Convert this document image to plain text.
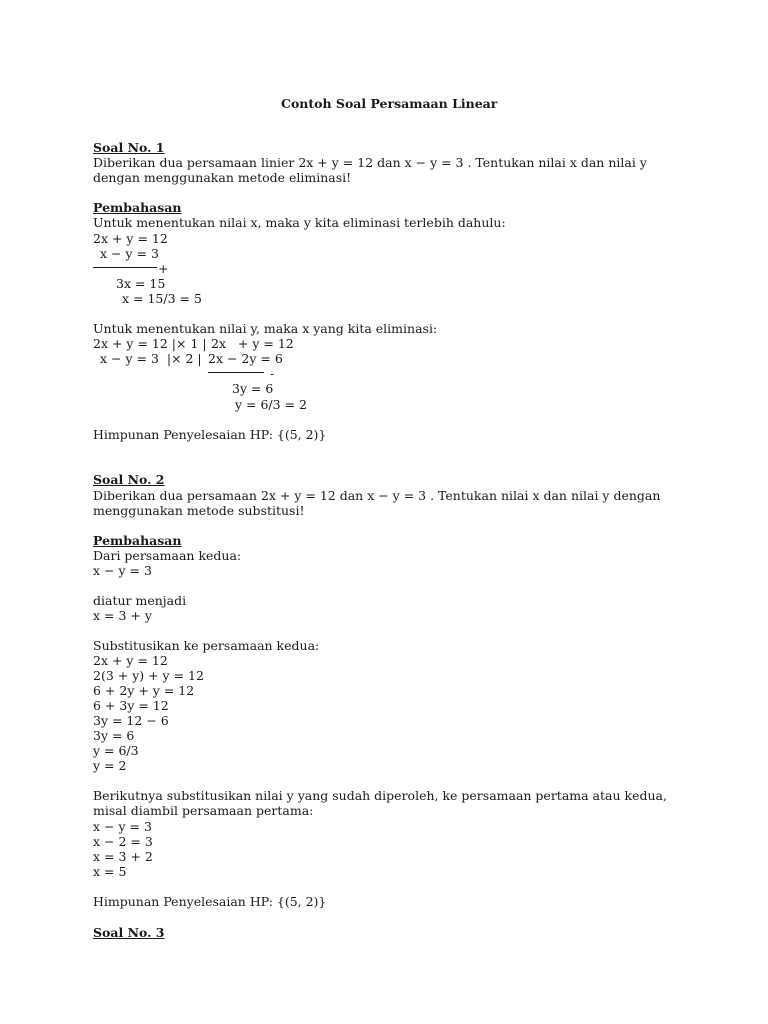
Contoh Soal Persamaan Linear
Soal No. 1
Diberikan dua persamaan linier 2x + y = 12 dan x − y = 3 . Tentukan nilai x dan nilai y
dengan menggunakan metode eliminasi!
Pembahasan
Untuk menentukan nilai x, maka y kita eliminasi terlebih dahulu:
2x + y = 12
x − y = 3
+
3x = 15
x = 15/3 = 5
Untuk menentukan nilai y, maka x yang kita eliminasi:
2x + y = 12 |× 1 | 2x   + y = 12
x − y = 3  |× 2 | 2x − 2y = 6
-
3y = 6
y = 6/3 = 2
Himpunan Penyelesaian HP: {(5, 2)}
Soal No. 2
Diberikan dua persamaan 2x + y = 12 dan x − y = 3 . Tentukan nilai x dan nilai y dengan
menggunakan metode substitusi!
Pembahasan
Dari persamaan kedua:
x − y = 3
diatur menjadi
x = 3 + y
Substitusikan ke persamaan kedua:
2x + y = 12
2(3 + y) + y = 12
6 + 2y + y = 12
6 + 3y = 12
3y = 12 − 6
3y = 6
y = 6/3
y = 2
Berikutnya substitusikan nilai y yang sudah diperoleh, ke persamaan pertama atau kedua,
misal diambil persamaan pertama:
x − y = 3
x − 2 = 3
x = 3 + 2
x = 5
Himpunan Penyelesaian HP: {(5, 2)}
Soal No. 3
